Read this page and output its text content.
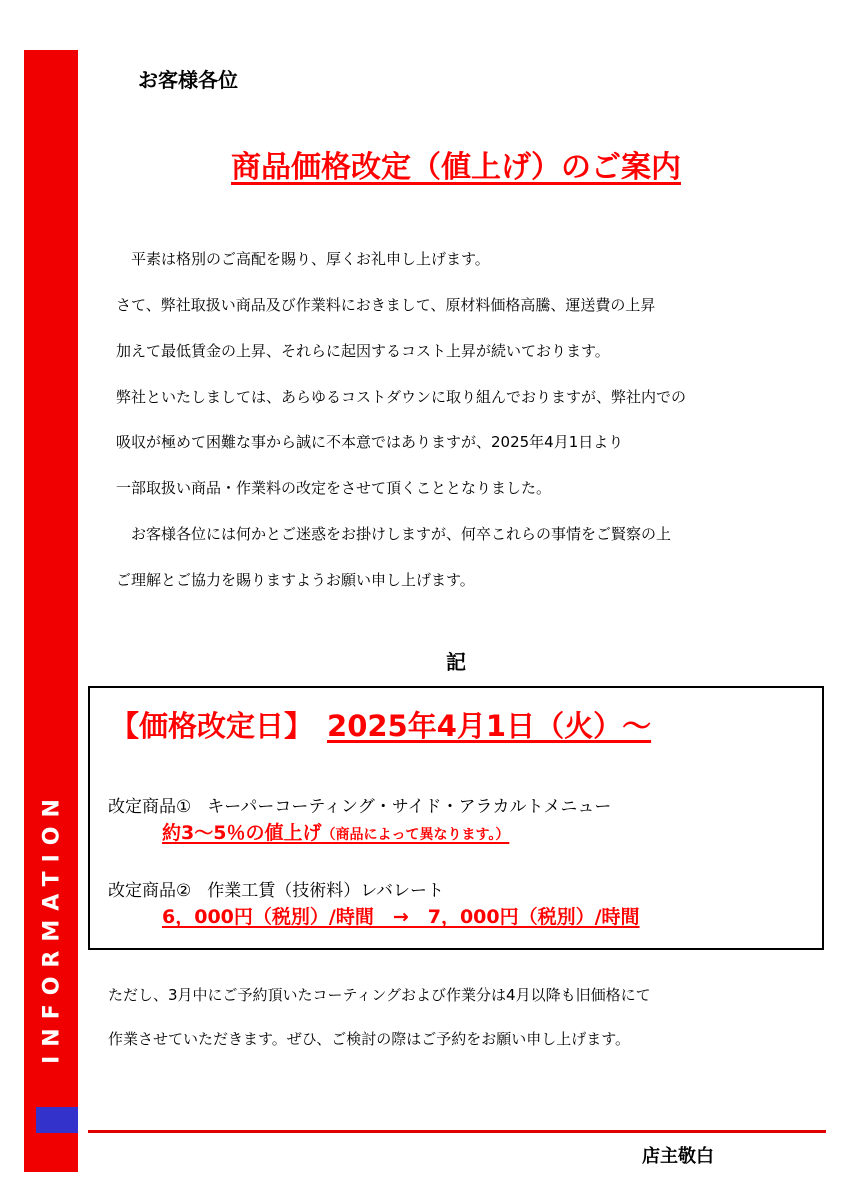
INFORMATION
お客様各位
商品価格改定（値上げ）のご案内
　平素は格別のご高配を賜り、厚くお礼申し上げます。
さて、弊社取扱い商品及び作業料におきまして、原材料価格高騰、運送費の上昇
加えて最低賃金の上昇、それらに起因するコスト上昇が続いております。
弊社といたしましては、あらゆるコストダウンに取り組んでおりますが、弊社内での
吸収が極めて困難な事から誠に不本意ではありますが、2025年4月1日より
一部取扱い商品・作業料の改定をさせて頂くこととなりました。
　お客様各位には何かとご迷惑をお掛けしますが、何卒これらの事情をご賢察の上
ご理解とご協力を賜りますようお願い申し上げます。
記
【価格改定日】 2025年4月1日（火）～
改定商品① キーパーコーティング・サイド・アラカルトメニュー
約3～5％の値上げ（商品によって異なります。）
改定商品② 作業工賃（技術料）レバレート
6，000円（税別）/時間　→　7，000円（税別）/時間
ただし、3月中にご予約頂いたコーティングおよび作業分は4月以降も旧価格にて
作業させていただきます。ぜひ、ご検討の際はご予約をお願い申し上げます。
店主敬白
